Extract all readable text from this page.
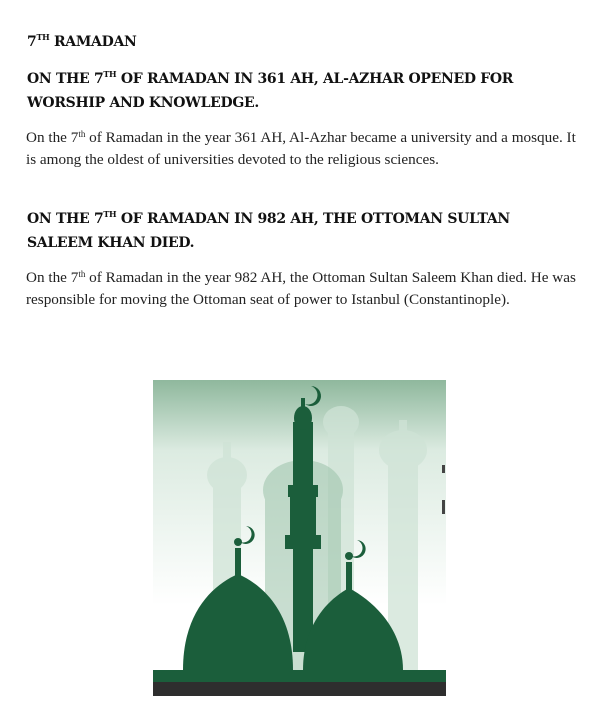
7TH RAMADAN
ON THE 7TH OF RAMADAN IN 361 AH, AL-AZHAR OPENED FOR WORSHIP AND KNOWLEDGE.

On the 7th of Ramadan in the year 361 AH, Al-Azhar became a university and a mosque. It is among the oldest of universities devoted to the religious sciences.

ON THE 7TH OF RAMADAN IN 982 AH, THE OTTOMAN SULTAN SALEEM KHAN DIED.

On the 7th of Ramadan in the year 982 AH, the Ottoman Sultan Saleem Khan died. He was responsible for moving the Ottoman seat of power to Istanbul (Constantinople).
